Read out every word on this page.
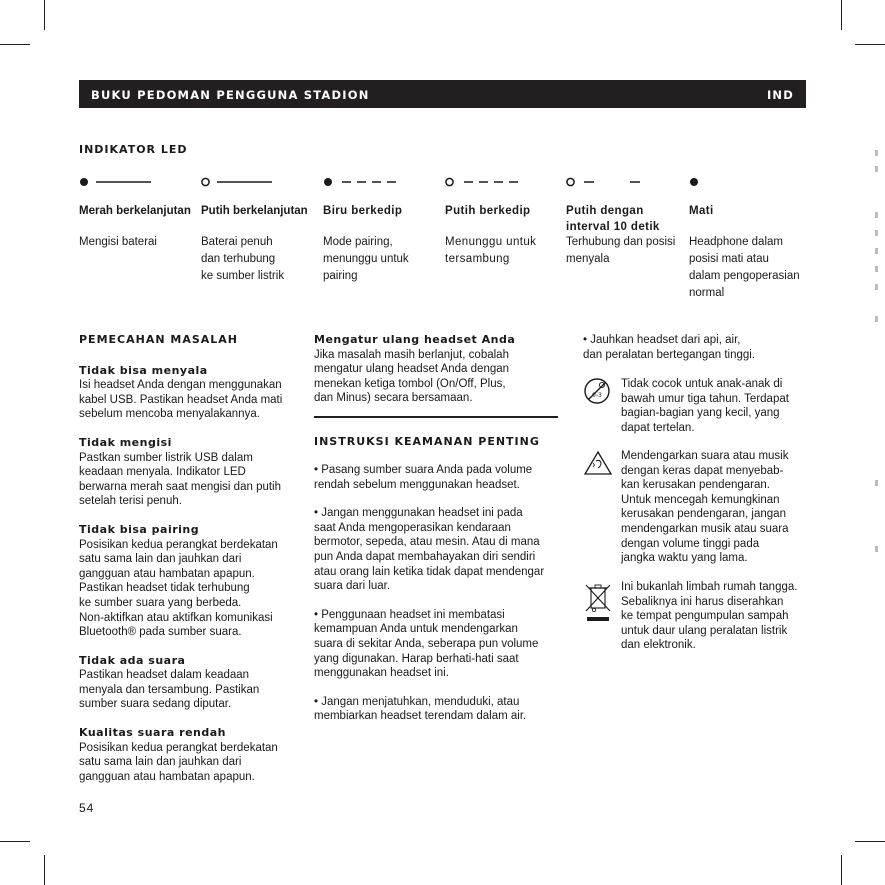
BUKU PEDOMAN PENGGUNA STADION	IND
INDIKATOR LED
Merah berkelanjutan
Mengisi baterai
Putih berkelanjutan
Baterai penuh
dan terhubung
ke sumber listrik
Biru berkedip
Mode pairing,
menunggu untuk
pairing
Putih berkedip
Menunggu untuk
tersambung
Putih dengan
interval 10 detik
Terhubung dan posisi
menyala
Mati
Headphone dalam
posisi mati atau
dalam pengoperasian
normal
PEMECAHAN MASALAH
Tidak bisa menyala

Isi headset Anda dengan menggunakan
kabel USB. Pastikan headset Anda mati
sebelum mencoba menyalakannya.

Tidak mengisi

Pastkan sumber listrik USB dalam
keadaan menyala. Indikator LED
berwarna merah saat mengisi dan putih
setelah terisi penuh.

Tidak bisa pairing

Posisikan kedua perangkat berdekatan
satu sama lain dan jauhkan dari
gangguan atau hambatan apapun.
Pastikan headset tidak terhubung
ke sumber suara yang berbeda.
Non-aktifkan atau aktifkan komunikasi
Bluetooth® pada sumber suara.

Tidak ada suara

Pastikan headset dalam keadaan
menyala dan tersambung. Pastikan
sumber suara sedang diputar.

Kualitas suara rendah

Posisikan kedua perangkat berdekatan
satu sama lain dan jauhkan dari
gangguan atau hambatan apapun.

Mengatur ulang headset Anda

Jika masalah masih berlanjut, cobalah
mengatur ulang headset Anda dengan
menekan ketiga tombol (On/Off, Plus,
dan Minus) secara bersamaan.

INSTRUKSI KEAMANAN PENTING

• Pasang sumber suara Anda pada volume
rendah sebelum menggunakan headset.

• Jangan menggunakan headset ini pada
saat Anda mengoperasikan kendaraan
bermotor, sepeda, atau mesin. Atau di mana
pun Anda dapat membahayakan diri sendiri
atau orang lain ketika tidak dapat mendengar
suara dari luar.

• Penggunaan headset ini membatasi
kemampuan Anda untuk mendengarkan
suara di sekitar Anda, seberapa pun volume
yang digunakan. Harap berhati-hati saat
menggunakan headset ini.

• Jangan menjatuhkan, menduduki, atau
membiarkan headset terendam dalam air.

• Jauhkan headset dari api, air,
dan peralatan bertegangan tinggi.
0-3
Tidak cocok untuk anak-anak di
bawah umur tiga tahun. Terdapat
bagian-bagian yang kecil, yang
dapat tertelan.
Mendengarkan suara atau musik
dengan keras dapat menyebab-
kan kerusakan pendengaran.
Untuk mencegah kemungkinan
kerusakan pendengaran, jangan
mendengarkan musik atau suara
dengan volume tinggi pada
jangka waktu yang lama.
Ini bukanlah limbah rumah tangga.
Sebaliknya ini harus diserahkan
ke tempat pengumpulan sampah
untuk daur ulang peralatan listrik
dan elektronik.
54
